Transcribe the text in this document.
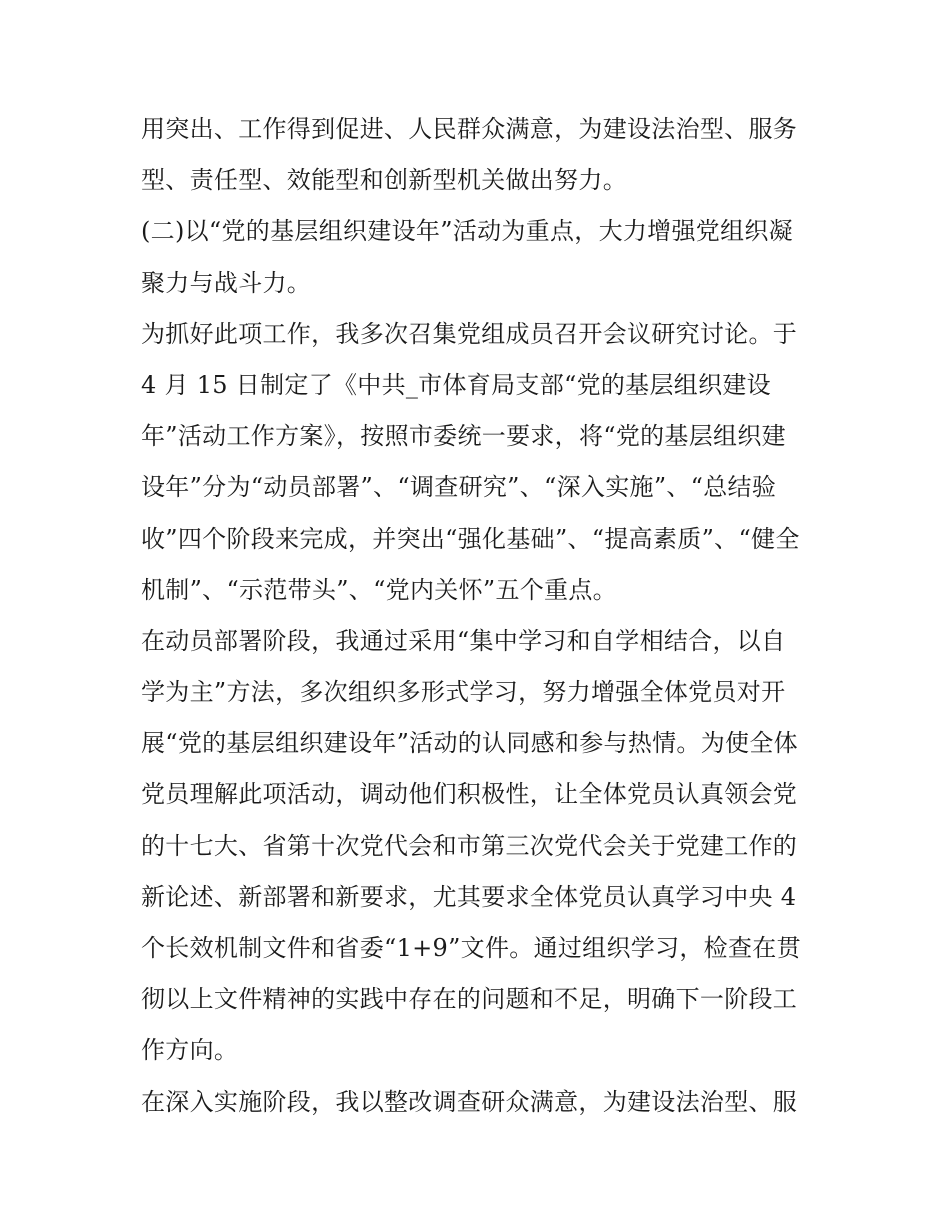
用突出、工作得到促进、人民群众满意，为建设法治型、服务
型、责任型、效能型和创新型机关做出努力。
(二)以“党的基层组织建设年”活动为重点，大力增强党组织凝
聚力与战斗力。
为抓好此项工作，我多次召集党组成员召开会议研究讨论。于
4 月 15 日制定了《中共_市体育局支部“党的基层组织建设
年”活动工作方案》，按照市委统一要求，将“党的基层组织建
设年”分为“动员部署”、“调查研究”、“深入实施”、“总结验
收”四个阶段来完成，并突出“强化基础”、“提高素质”、“健全
机制”、“示范带头”、“党内关怀”五个重点。
在动员部署阶段，我通过采用“集中学习和自学相结合，以自
学为主”方法，多次组织多形式学习，努力增强全体党员对开
展“党的基层组织建设年”活动的认同感和参与热情。为使全体
党员理解此项活动，调动他们积极性，让全体党员认真领会党
的十七大、省第十次党代会和市第三次党代会关于党建工作的
新论述、新部署和新要求，尤其要求全体党员认真学习中央 4
个长效机制文件和省委“1+9”文件。通过组织学习，检查在贯
彻以上文件精神的实践中存在的问题和不足，明确下一阶段工
作方向。
在深入实施阶段，我以整改调查研众满意，为建设法治型、服
